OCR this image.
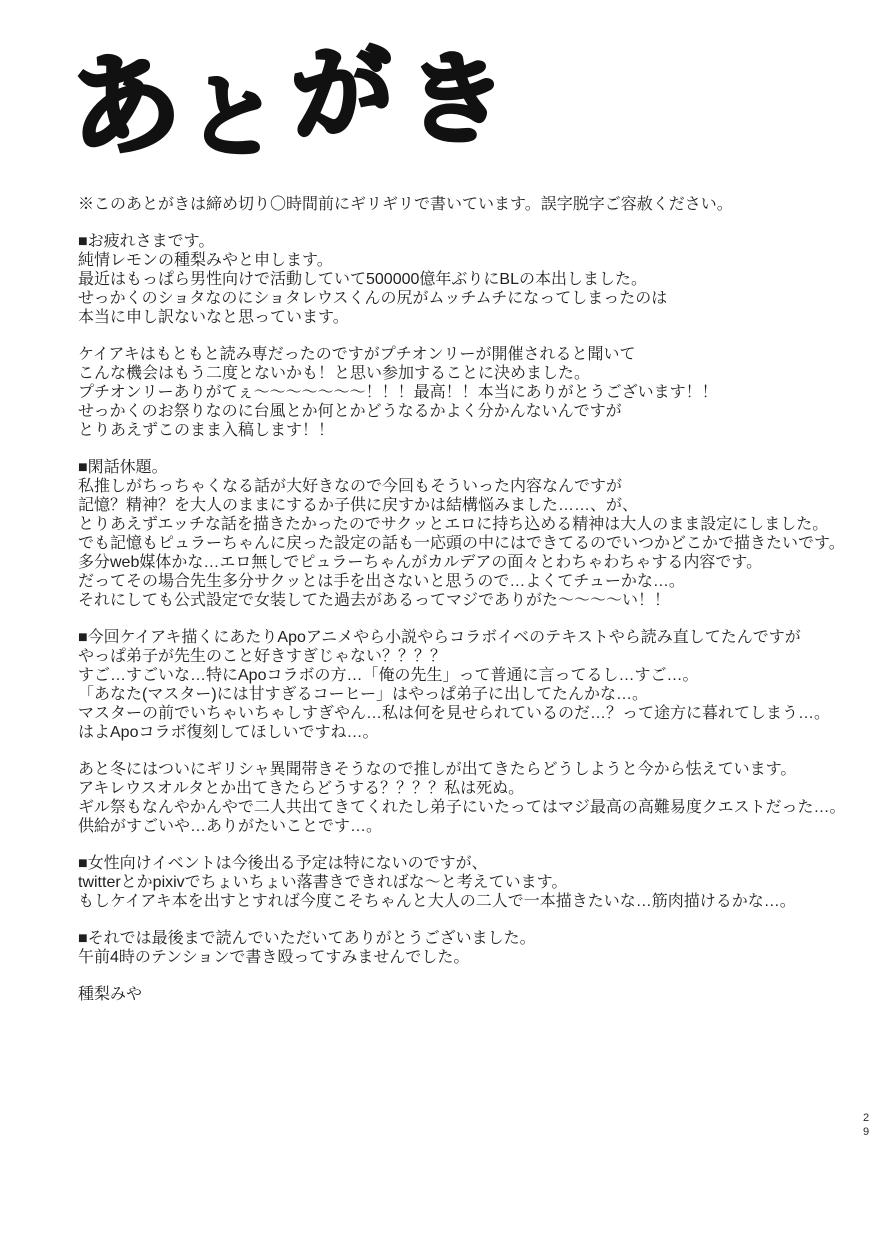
あとがき
※このあとがきは締め切り〇時間前にギリギリで書いています。誤字脱字ご容赦ください。
■お疲れさまです。
純情レモンの種梨みやと申します。
最近はもっぱら男性向けで活動していて500000億年ぶりにBLの本出しました。
せっかくのショタなのにショタレウスくんの尻がムッチムチになってしまったのは
本当に申し訳ないなと思っています。
ケイアキはもともと読み専だったのですがプチオンリーが開催されると聞いて
こんな機会はもう二度とないかも！と思い参加することに決めました。
プチオンリーありがてぇ〜〜〜〜〜〜〜！！！最高！！本当にありがとうございます！！
せっかくのお祭りなのに台風とか何とかどうなるかよく分かんないんですが
とりあえずこのまま入稿します！！
■閑話休題。
私推しがちっちゃくなる話が大好きなので今回もそういった内容なんですが
記憶？精神？を大人のままにするか子供に戻すかは結構悩みました……、が、
とりあえずエッチな話を描きたかったのでサクッとエロに持ち込める精神は大人のまま設定にしました。
でも記憶もピュラーちゃんに戻った設定の話も一応頭の中にはできてるのでいつかどこかで描きたいです。
多分web媒体かな…エロ無しでピュラーちゃんがカルデアの面々とわちゃわちゃする内容です。
だってその場合先生多分サクッとは手を出さないと思うので…よくてチューかな…。
それにしても公式設定で女装してた過去があるってマジでありがた〜〜〜〜い！！
■今回ケイアキ描くにあたりApoアニメやら小説やらコラボイベのテキストやら読み直してたんですが
やっぱ弟子が先生のこと好きすぎじゃない？？？？
すご…すごいな…特にApoコラボの方…「俺の先生」って普通に言ってるし…すご…。
「あなた(マスター)には甘すぎるコーヒー」はやっぱ弟子に出してたんかな…。
マスターの前でいちゃいちゃしすぎやん…私は何を見せられているのだ…？って途方に暮れてしまう…。
はよApoコラボ復刻してほしいですね…。
あと冬にはついにギリシャ異聞帯きそうなので推しが出てきたらどうしようと今から怯えています。
アキレウスオルタとか出てきたらどうする？？？？私は死ぬ。
ギル祭もなんやかんやで二人共出てきてくれたし弟子にいたってはマジ最高の高難易度クエストだった…。
供給がすごいや…ありがたいことです…。
■女性向けイベントは今後出る予定は特にないのですが、
twitterとかpixivでちょいちょい落書きできればな〜と考えています。
もしケイアキ本を出すとすれば今度こそちゃんと大人の二人で一本描きたいな…筋肉描けるかな…。
■それでは最後まで読んでいただいてありがとうございました。
午前4時のテンションで書き殴ってすみませんでした。
種梨みや
29
